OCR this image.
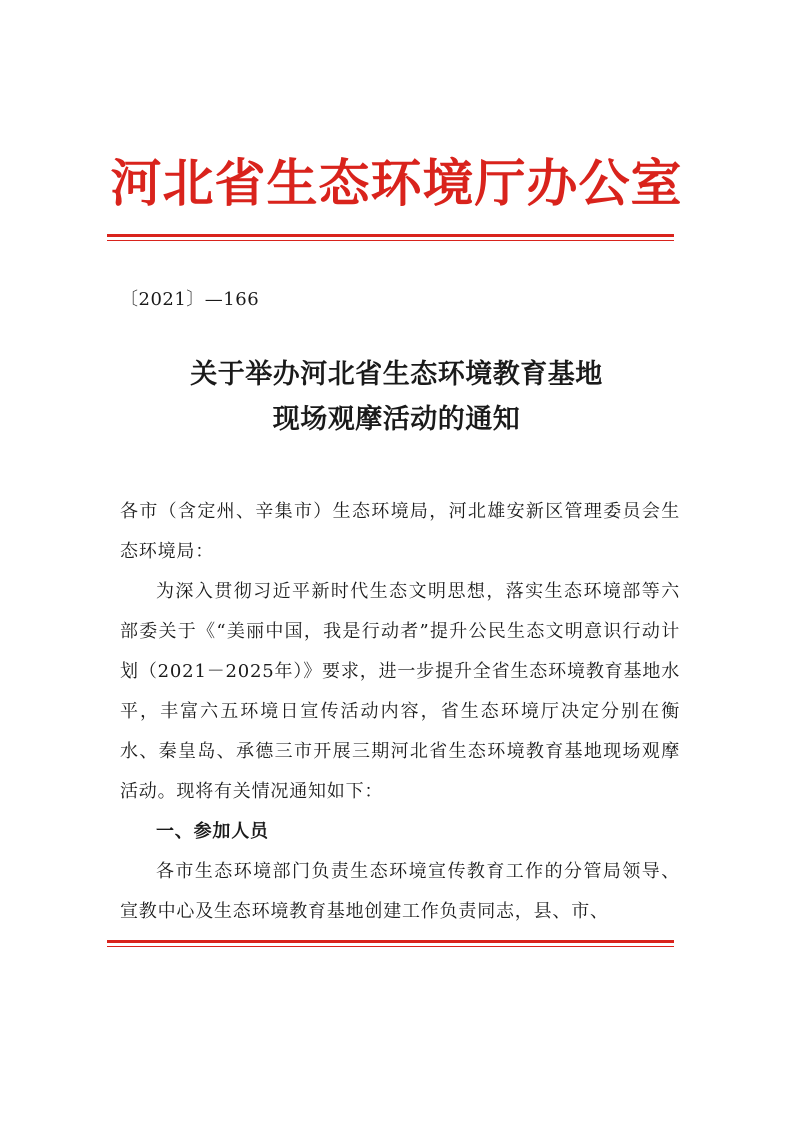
河北省生态环境厅办公室
〔2021〕—166
关于举办河北省生态环境教育基地
现场观摩活动的通知

各市（含定州、辛集市）生态环境局，河北雄安新区管理委员会生态环境局：

为深入贯彻习近平新时代生态文明思想，落实生态环境部等六部委关于《“美丽中国，我是行动者”提升公民生态文明意识行动计划（2021－2025年）》要求，进一步提升全省生态环境教育基地水平，丰富六五环境日宣传活动内容，省生态环境厅决定分别在衡水、秦皇岛、承德三市开展三期河北省生态环境教育基地现场观摩活动。现将有关情况通知如下：

一、参加人员

各市生态环境部门负责生态环境宣传教育工作的分管局领导、宣教中心及生态环境教育基地创建工作负责同志，县、市、
